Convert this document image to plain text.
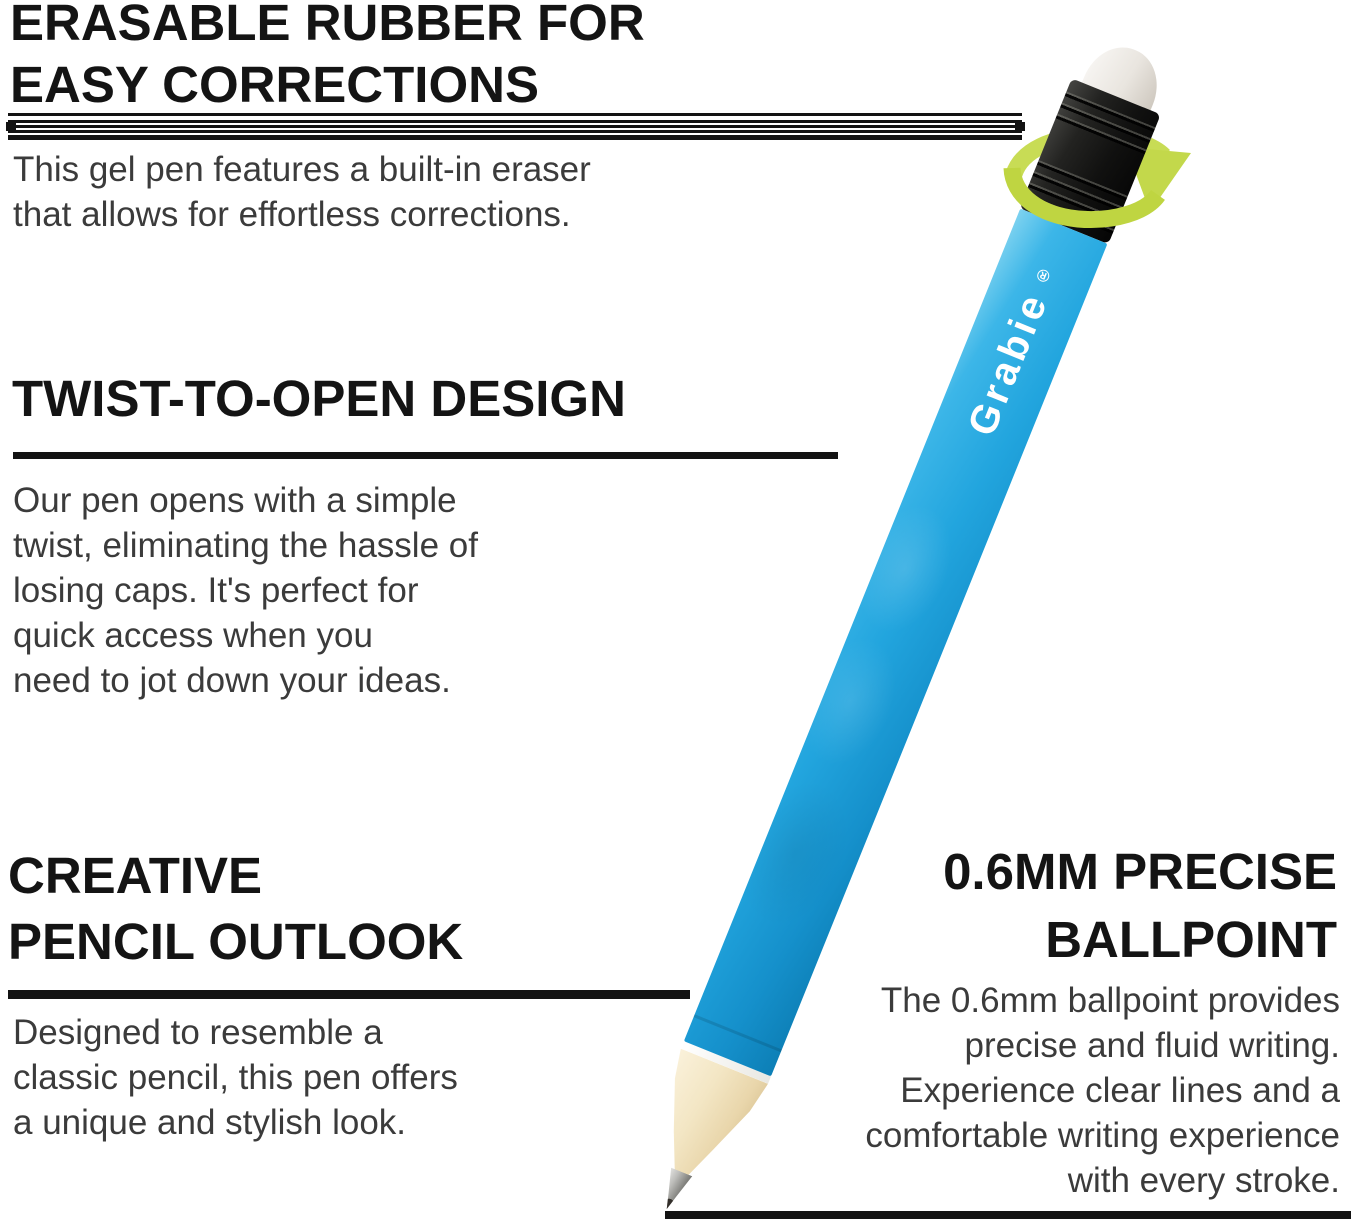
ERASABLE RUBBER FOR
EASY CORRECTIONS
This gel pen features a built-in eraser
that allows for effortless corrections.
TWIST-TO-OPEN DESIGN
Our pen opens with a simple
twist, eliminating the hassle of
losing caps. It's perfect for
quick access when you
need to jot down your ideas.
CREATIVE
PENCIL OUTLOOK
Designed to resemble a
classic pencil, this pen offers
a unique and stylish look.
0.6MM PRECISE
BALLPOINT
The 0.6mm ballpoint provides
precise and fluid writing.
Experience clear lines and a
comfortable writing experience
with every stroke.
Grabie®
